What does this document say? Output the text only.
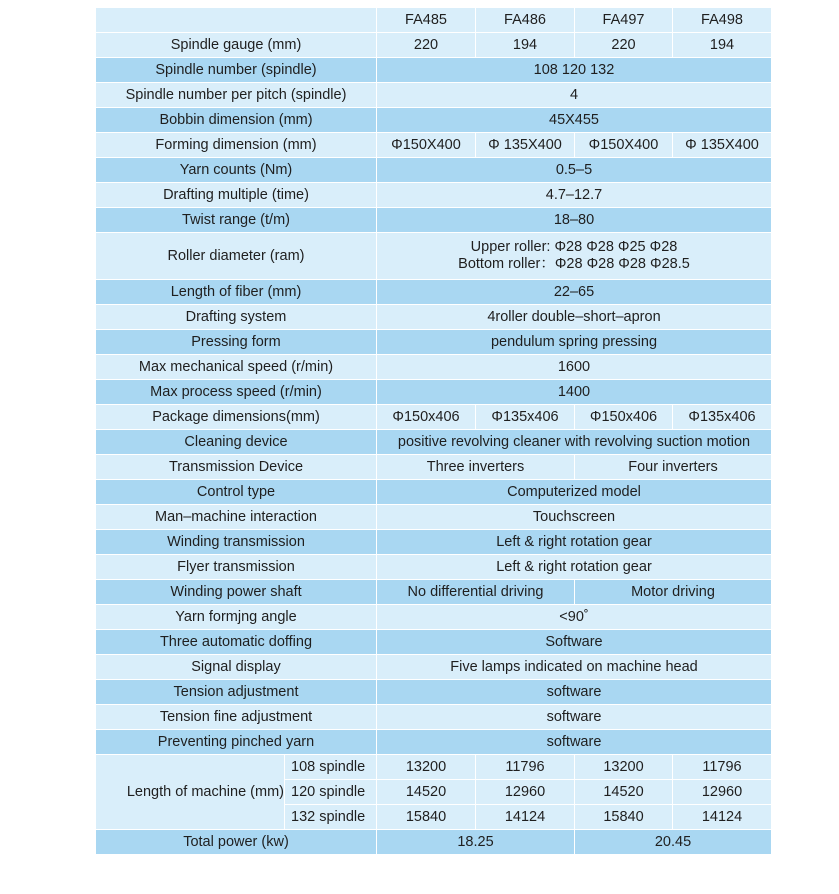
		FA485	FA486	FA497	FA498
Spindle gauge (mm)		220	194	220	194
Spindle number (spindle)		108 120 132			
Spindle number per pitch (spindle)		4			
Bobbin dimension (mm)		45X455			
Forming dimension (mm)		Φ150X400	Φ 135X400	Φ150X400	Φ 135X400
Yarn counts (Nm)		0.5–5			
Drafting multiple (time)		4.7–12.7			
Twist range (t/m)		18–80			
Roller diameter (ram)		Upper roller: Φ28 Φ28 Φ25 Φ28
Bottom roller：Φ28 Φ28 Φ28 Φ28.5			

Length of fiber (mm)		22–65			
Drafting system		4roller double–short–apron			
Pressing form		pendulum spring pressing			
Max mechanical speed (r/min)		1600			
Max process speed (r/min)		1400			
Package dimensions(mm)		Φ150x406	Φ135x406	Φ150x406	Φ135x406
Cleaning device		positive revolving cleaner with revolving suction motion			
Transmission Device		Three inverters		Four inverters	
Control type		Computerized model			
Man–machine interaction		Touchscreen			
Winding transmission		Left & right rotation gear			
Flyer transmission		Left & right rotation gear			
Winding power shaft		No differential driving		Motor driving	
Yarn formjng angle		<90˚			
Three automatic doffing		Software			
Signal display		Five lamps indicated on machine head			
Tension adjustment		software			
Tension fine adjustment		software			
Preventing pinched yarn		software			
Length of machine (mm)	108 spindle	13200	11796	13200	11796
	120 spindle	14520	12960	14520	12960
	132 spindle	15840	14124	15840	14124
Total power (kw)		18.25		20.45	
